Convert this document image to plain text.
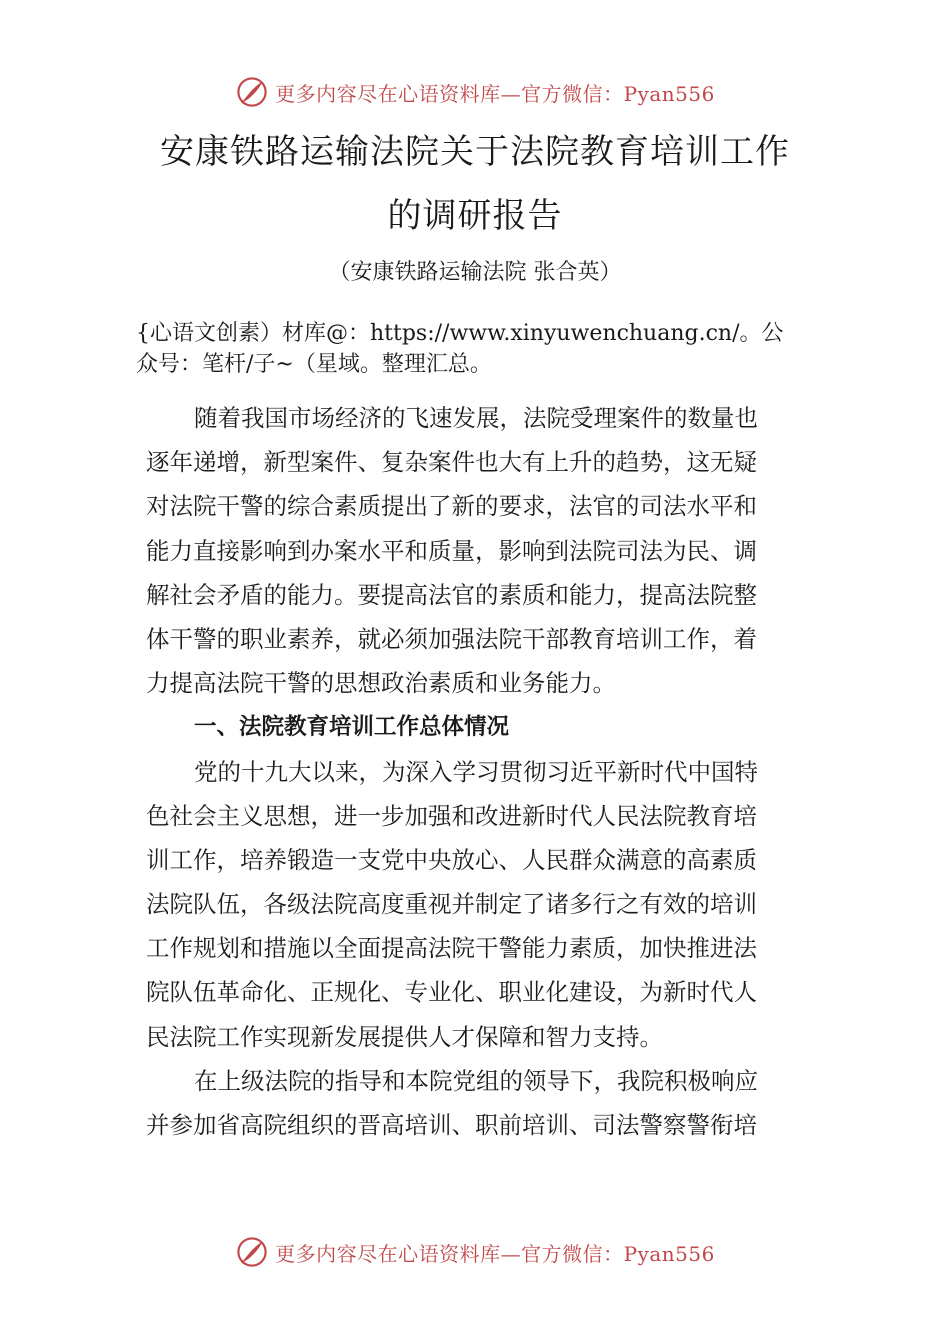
更多内容尽在心语资料库—官方微信：Pyan556
安康铁路运输法院关于法院教育培训工作
的调研报告
（安康铁路运输法院 张合英）
{心语文创素）材库@：https://www.xinyuwenchuang.cn/。公
众号：笔杆/子~（星域。整理汇总。
随着我国市场经济的飞速发展，法院受理案件的数量也
逐年递增，新型案件、复杂案件也大有上升的趋势，这无疑
对法院干警的综合素质提出了新的要求，法官的司法水平和
能力直接影响到办案水平和质量，影响到法院司法为民、调
解社会矛盾的能力。要提高法官的素质和能力，提高法院整
体干警的职业素养，就必须加强法院干部教育培训工作，着
力提高法院干警的思想政治素质和业务能力。
一、法院教育培训工作总体情况
党的十九大以来，为深入学习贯彻习近平新时代中国特
色社会主义思想，进一步加强和改进新时代人民法院教育培
训工作，培养锻造一支党中央放心、人民群众满意的高素质
法院队伍，各级法院高度重视并制定了诸多行之有效的培训
工作规划和措施以全面提高法院干警能力素质，加快推进法
院队伍革命化、正规化、专业化、职业化建设，为新时代人
民法院工作实现新发展提供人才保障和智力支持。
在上级法院的指导和本院党组的领导下，我院积极响应
并参加省高院组织的晋高培训、职前培训、司法警察警衔培
更多内容尽在心语资料库—官方微信：Pyan556
